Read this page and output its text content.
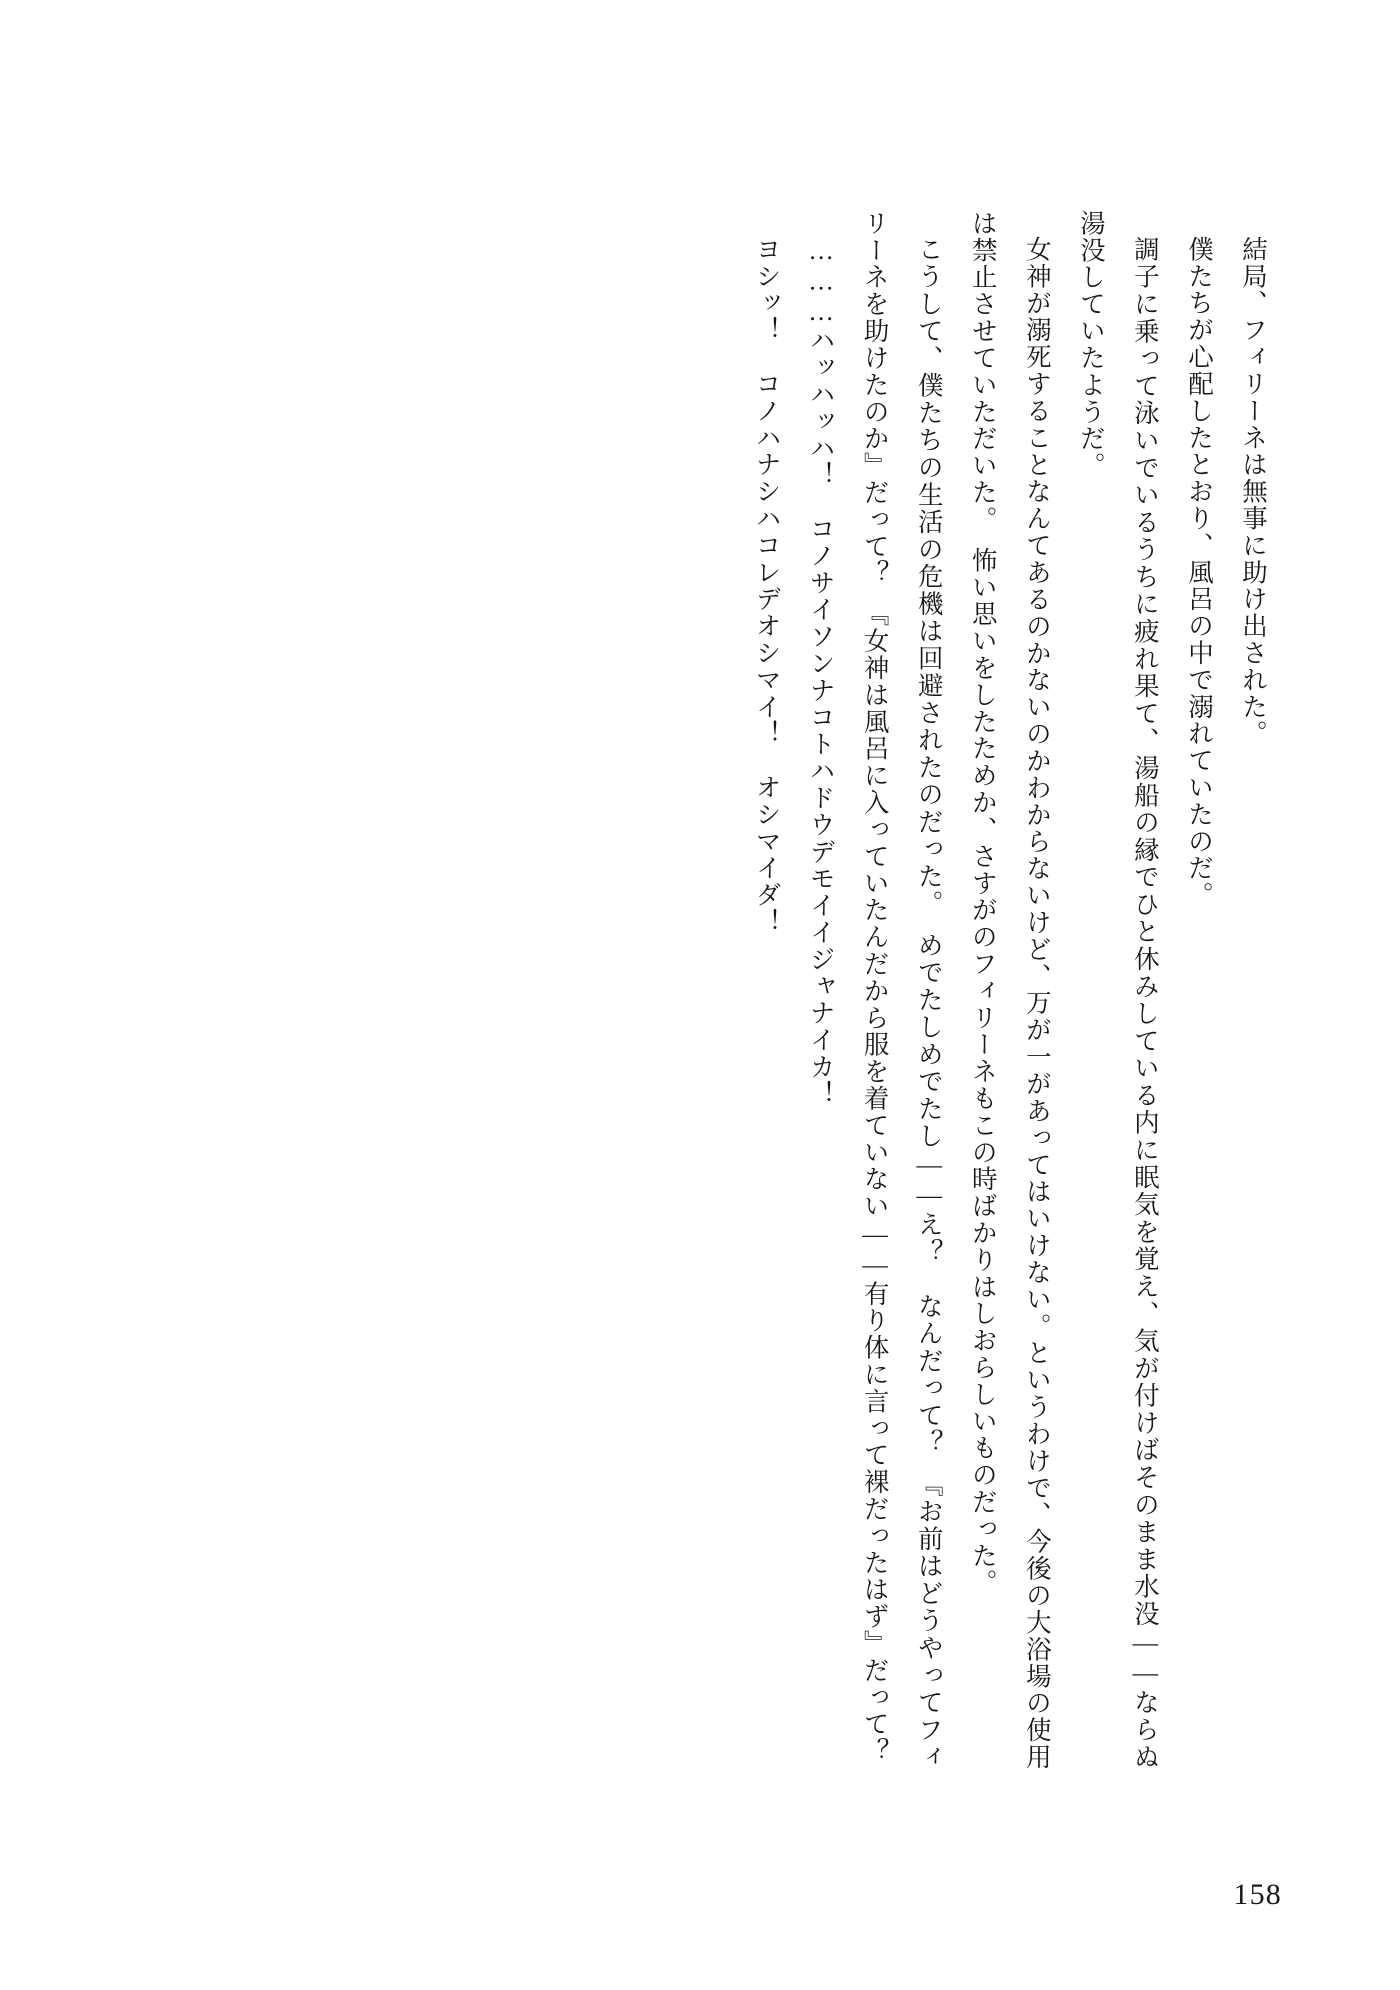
結局、フィリーネは無事に助け出された。

僕たちが心配したとおり、風呂の中で溺れていたのだ。

調子に乗って泳いでいるうちに疲れ果て、湯船の縁でひと休みしている内に眠気を覚え、気が付けばそのまま水没——ならぬ湯没していたようだ。

女神が溺死することなんてあるのかないのかわからないけど、万が一があってはいけない。というわけで、今後の大浴場の使用は禁止させていただいた。　怖い思いをしたためか、さすがのフィリーネもこの時ばかりはしおらしいものだった。

こうして、僕たちの生活の危機は回避されたのだった。　めでたしめでたし——え？　なんだって？　『お前はどうやってフィリーネを助けたのか』だって？　『女神は風呂に入っていたんだから服を着ていない——有り体に言って裸だったはず』だって？

………ハッハッハ！　コノサイソンナコトハドウデモイイジャナイカ！

ヨシッ！　コノハナシハコレデオシマイ！　オシマイダ！

158
